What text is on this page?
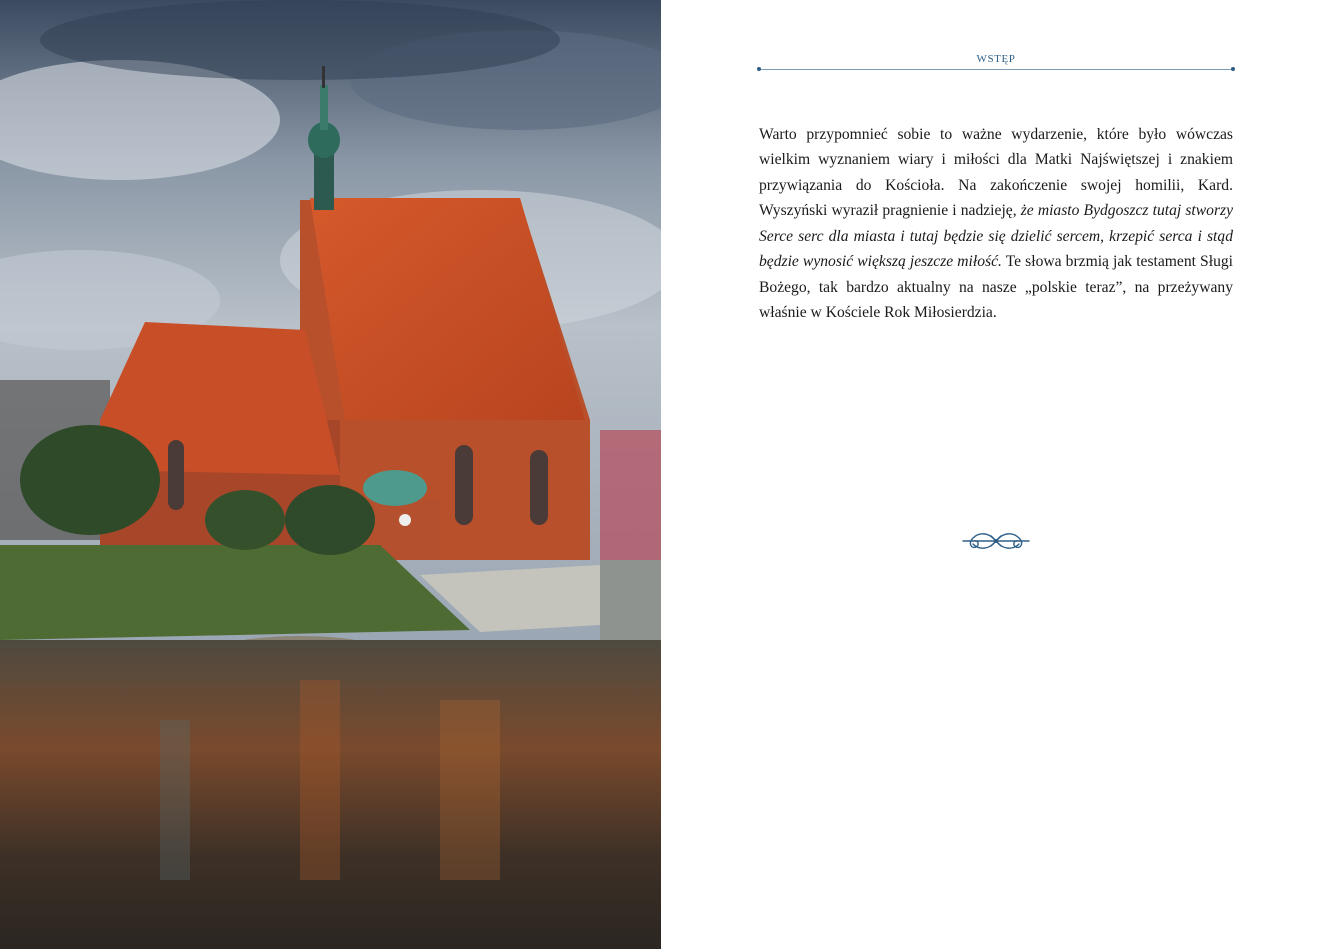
WSTĘP

Warto przypomnieć sobie to ważne wydarzenie, które było wówczas wielkim wyznaniem wiary i miłości dla Matki Najświętszej i znakiem przywiązania do Kościoła. Na zakończenie swojej homilii, Kard. Wyszyński wyraził pragnienie i nadzieję, że miasto Bydgoszcz tutaj stworzy Serce serc dla miasta i tutaj będzie się dzielić sercem, krzepić serca i stąd będzie wynosić większą jeszcze miłość. Te słowa brzmią jak testament Sługi Bożego, tak bardzo aktualny na nasze „polskie teraz”, na przeżywany właśnie w Kościele Rok Miłosierdzia.
